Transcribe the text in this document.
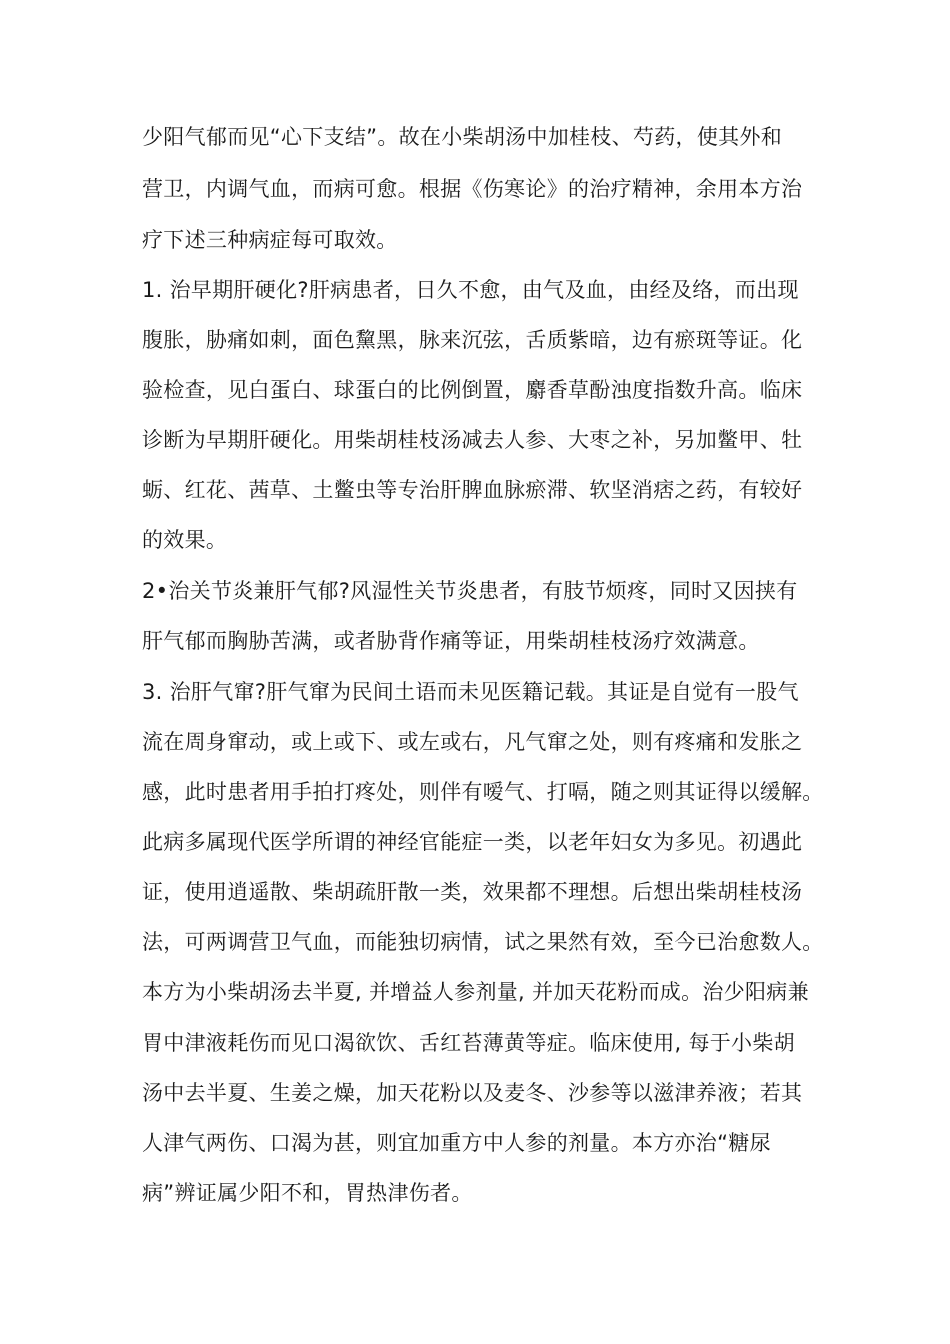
少阳气郁而见“心下支结”。故在小柴胡汤中加桂枝、芍药，使其外和
营卫，内调气血，而病可愈。根据《伤寒论》的治疗精神，余用本方治
疗下述三种病症每可取效。
1. 治早期肝硬化?肝病患者，日久不愈，由气及血，由经及络，而出现
腹胀，胁痛如刺，面色黧黑，脉来沉弦，舌质紫暗，边有瘀斑等证。化
验检查，见白蛋白、球蛋白的比例倒置，麝香草酚浊度指数升高。临床
诊断为早期肝硬化。用柴胡桂枝汤减去人参、大枣之补，另加鳖甲、牡
蛎、红花、茜草、土鳖虫等专治肝脾血脉瘀滞、软坚消痞之药，有较好
的效果。
2•治关节炎兼肝气郁?风湿性关节炎患者，有肢节烦疼，同时又因挟有
肝气郁而胸胁苦满，或者胁背作痛等证，用柴胡桂枝汤疗效满意。
3. 治肝气窜?肝气窜为民间土语而未见医籍记载。其证是自觉有一股气
流在周身窜动，或上或下、或左或右，凡气窜之处，则有疼痛和发胀之
感，此时患者用手拍打疼处，则伴有嗳气、打嗝，随之则其证得以缓解。
此病多属现代医学所谓的神经官能症一类，以老年妇女为多见。初遇此
证，使用逍遥散、柴胡疏肝散一类，效果都不理想。后想出柴胡桂枝汤
法，可两调营卫气血，而能独切病情，试之果然有效，至今已治愈数人。
本方为小柴胡汤去半夏, 并增益人参剂量, 并加天花粉而成。治少阳病兼
胃中津液耗伤而见口渴欲饮、舌红苔薄黄等症。临床使用, 每于小柴胡
汤中去半夏、生姜之燥，加天花粉以及麦冬、沙参等以滋津养液；若其
人津气两伤、口渴为甚，则宜加重方中人参的剂量。本方亦治“糖尿
病”辨证属少阳不和，胃热津伤者。
